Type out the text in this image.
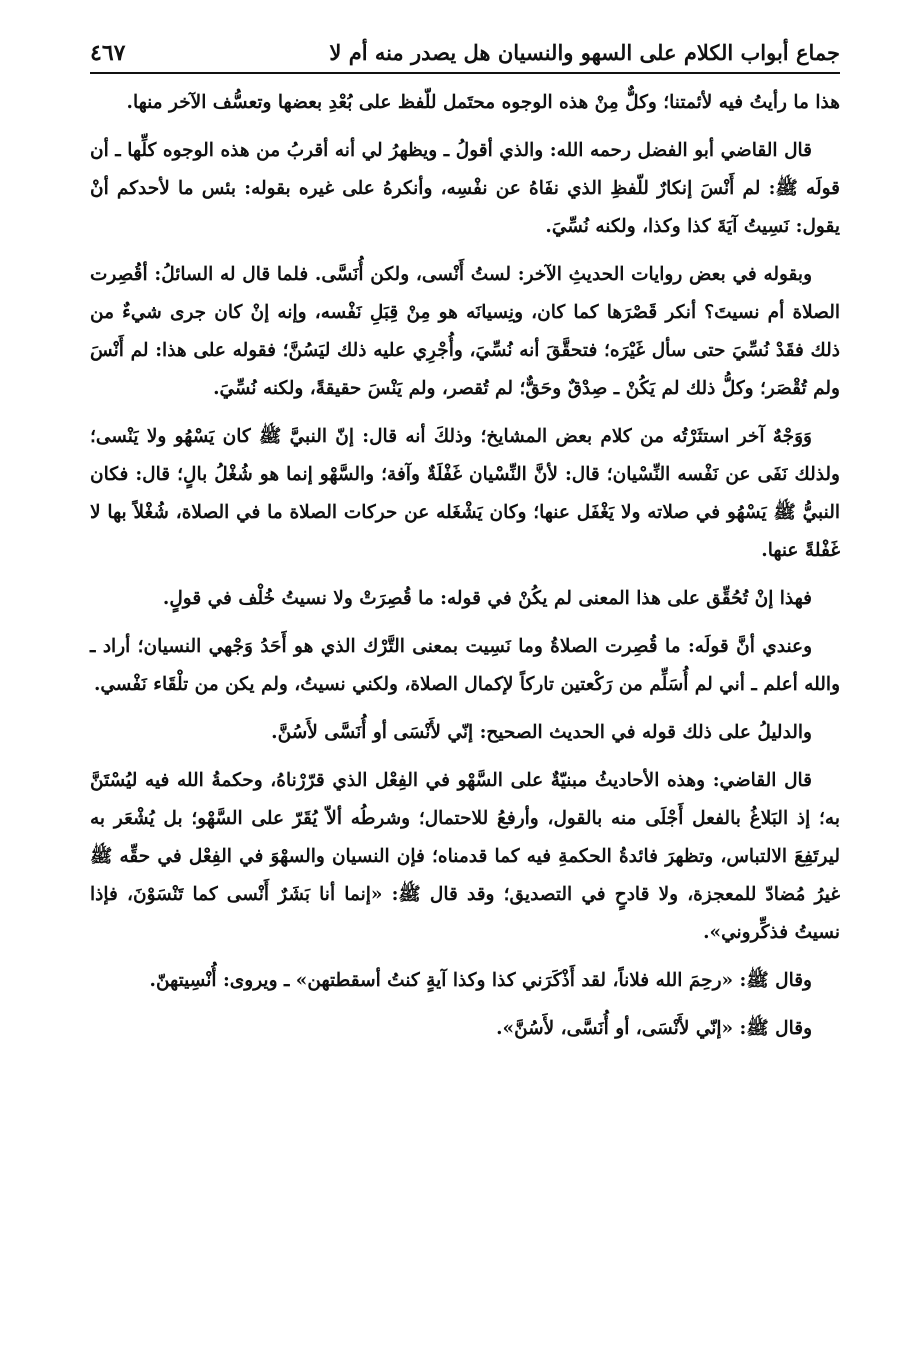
جماع أبواب الكلام على السهو والنسيان هل يصدر منه أم لا
٤٦٧

هذا ما رأيتُ فيه لأئمتنا؛ وكلٌّ مِنْ هذه الوجوه محتَمل للّفظ على بُعْدِ بعضها وتعسُّف الآخر منها.

قال القاضي أبو الفضل رحمه الله: والذي أقولُ ـ ويظهرُ لي أنه أقربُ من هذه الوجوه كلِّها ـ أن قولَه ﷺ: لم أَنْسَ إنكارٌ للّفظِ الذي نفَاهُ عن نفْسِه، وأنكرهُ على غيره بقوله: بئس ما لأحدكم أنْ يقول: نَسِيتُ آيَةَ كذا وكذا، ولكنه نُسِّيَ.

وبقوله في بعض روايات الحديثِ الآخر: لستُ أَنْسى، ولكن أُنَسَّى. فلما قال له السائلُ: أقُصِرت الصلاة أم نسيتَ؟ أنكر قَصْرَها كما كان، ونِسيانَه هو مِنْ قِبَلِ نَفْسه، وإنه إنْ كان جرى شيءٌ من ذلك فقَدْ نُسِّيَ حتى سأل غَيْرَه؛ فتحقَّقَ أنه نُسِّيَ، وأُجْرِي عليه ذلك ليَسُنَّ؛ فقوله على هذا: لم أَنْسَ ولم تُقْصَر؛ وكلُّ ذلك لم يَكُنْ ـ صِدْقٌ وحَقٌّ؛ لم تُقصر، ولم يَنْسَ حقيقةً، ولكنه نُسِّيَ.

وَوَجْهٌ آخر استثَرْتُه من كلام بعض المشايخ؛ وذلكَ أنه قال: إنّ النبيَّ ﷺ كان يَسْهُو ولا يَنْسى؛ ولذلك نَفَى عن نَفْسه النِّسْيان؛ قال: لأنَّ النِّسْيان غَفْلَةٌ وآفة؛ والسَّهْو إنما هو شُغْلُ بالٍ؛ قال: فكان النبيُّ ﷺ يَسْهُو في صلاته ولا يَغْفَل عنها؛ وكان يَشْغَله عن حركات الصلاة ما في الصلاة، شُغْلاً بها لا غَفْلةً عنها.

فهذا إنْ تُحُقِّق على هذا المعنى لم يكُنْ في قوله: ما قُصِرَتْ ولا نسيتُ خُلْف في قولٍ.

وعندي أنَّ قولَه: ما قُصِرت الصلاةُ وما نَسِيت بمعنى التَّرْك الذي هو أَحَدُ وَجْهي النسيان؛ أراد ـ والله أعلم ـ أني لم أُسَلِّم من رَكْعتين تاركاً لإكمال الصلاة، ولكني نسيتُ، ولم يكن من تلْقَاء نَفْسي.

والدليلُ على ذلك قوله في الحديث الصحيح: إنّي لأَنْسَى أو أُنَسَّى لأَسُنَّ.

قال القاضي: وهذه الأحاديثُ مبنيّةٌ على السَّهْو في الفِعْل الذي قرّرْناهُ، وحكمةُ الله فيه ليُسْتَنَّ به؛ إذ البَلاغُ بالفعل أَجْلَى منه بالقول، وأرفعُ للاحتمال؛ وشرطُه ألاّ يُقَرّ على السَّهْو؛ بل يُشْعَر به ليرتَفِعَ الالتباس، وتظهرَ فائدةُ الحكمةِ فيه كما قدمناه؛ فإن النسيان والسهْوَ في الفِعْل في حقِّه ﷺ غيرُ مُضادّ للمعجزة، ولا قادحٍ في التصديق؛ وقد قال ﷺ: «إنما أنا بَشَرٌ أَنْسى كما تَنْسَوْنَ، فإذا نسيتُ فذكِّروني».

وقال ﷺ: «رحِمَ الله فلاناً، لقد أَذْكَرَني كذا وكذا آيةٍ كنتُ أسقطتهن» ـ ويروى: أُنْسِيتهنّ.

وقال ﷺ: «إنّي لأَنْسَى، أو أُنَسَّى، لأَسُنَّ».
